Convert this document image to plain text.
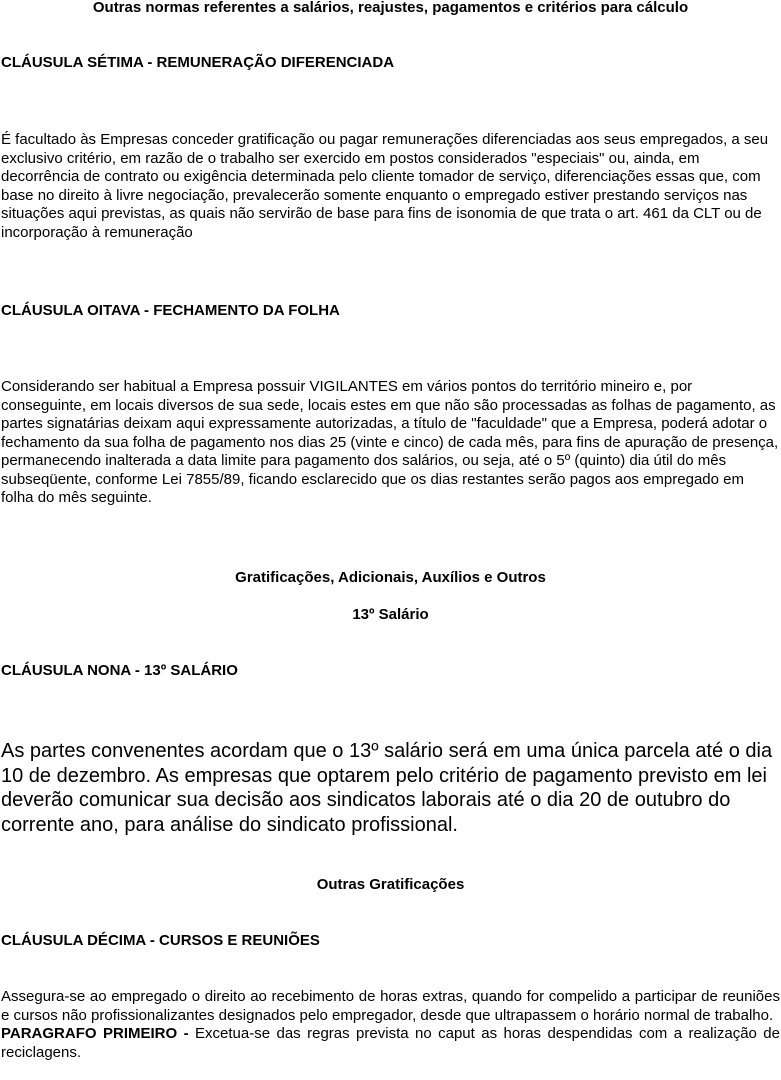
Outras normas referentes a salários, reajustes, pagamentos e critérios para cálculo
CLÁUSULA SÉTIMA - REMUNERAÇÃO DIFERENCIADA
É facultado às Empresas conceder gratificação ou pagar remunerações diferenciadas aos seus empregados, a seu exclusivo critério, em razão de o trabalho ser exercido em postos considerados "especiais" ou, ainda, em decorrência de contrato ou exigência determinada pelo cliente tomador de serviço, diferenciações essas que, com base no direito à livre negociação, prevalecerão somente enquanto o empregado estiver prestando serviços nas situações aqui previstas, as quais não servirão de base para fins de isonomia de que trata o art. 461 da CLT ou de incorporação à remuneração
CLÁUSULA OITAVA - FECHAMENTO DA FOLHA
Considerando ser habitual a Empresa possuir VIGILANTES em vários pontos do território mineiro e, por conseguinte, em locais diversos de sua sede, locais estes em que não são processadas as folhas de pagamento, as partes signatárias deixam aqui expressamente autorizadas, a título de "faculdade" que a Empresa, poderá adotar o fechamento da sua folha de pagamento nos dias 25 (vinte e cinco) de cada mês, para fins de apuração de presença, permanecendo inalterada a data limite para pagamento dos salários, ou seja, até o 5º (quinto) dia útil do mês subseqüente, conforme Lei 7855/89, ficando esclarecido que os dias restantes serão pagos aos empregado em folha do mês seguinte.
Gratificações, Adicionais, Auxílios e Outros
13º Salário
CLÁUSULA NONA - 13º SALÁRIO
As partes convenentes acordam que o 13º salário será em uma única parcela até o dia 10 de dezembro. As empresas que optarem pelo critério de pagamento previsto em lei deverão comunicar sua decisão aos sindicatos laborais até o dia 20 de outubro do corrente ano, para análise do sindicato profissional.
Outras Gratificações
CLÁUSULA DÉCIMA - CURSOS E REUNIÕES
Assegura-se ao empregado o direito ao recebimento de horas extras, quando for compelido a participar de reuniões e cursos não profissionalizantes designados pelo empregador, desde que ultrapassem o horário normal de trabalho.
PARAGRAFO PRIMEIRO - Excetua-se das regras prevista no caput as horas despendidas com a realização de reciclagens.
